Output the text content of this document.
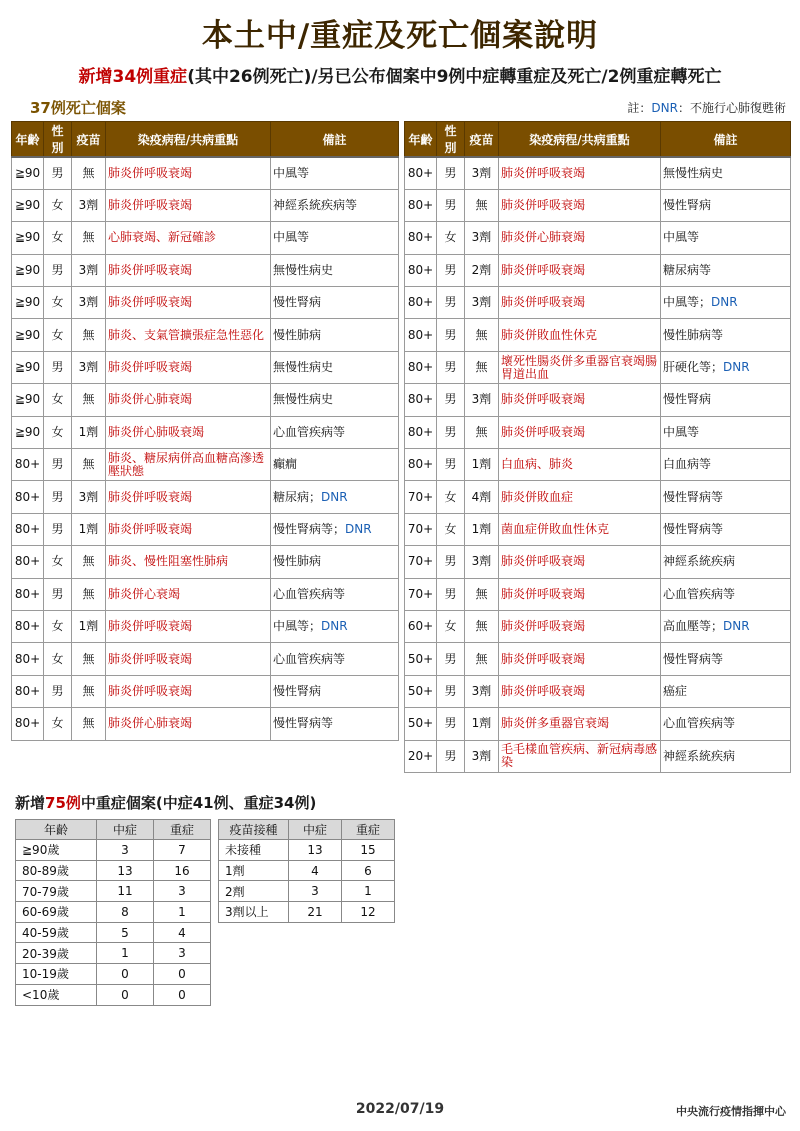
本土中/重症及死亡個案說明
新增34例重症(其中26例死亡)/另已公布個案中9例中症轉重症及死亡/2例重症轉死亡
37例死亡個案	註：DNR：不施行心肺復甦術
年齡	性別	疫苗	染疫病程/共病重點	備註
≧90	男	無	肺炎併呼吸衰竭	中風等
≧90	女	3劑	肺炎併呼吸衰竭	神經系統疾病等
≧90	女	無	心肺衰竭、新冠確診	中風等
≧90	男	3劑	肺炎併呼吸衰竭	無慢性病史
≧90	女	3劑	肺炎併呼吸衰竭	慢性腎病
≧90	女	無	肺炎、支氣管擴張症急性惡化	慢性肺病
≧90	男	3劑	肺炎併呼吸衰竭	無慢性病史
≧90	女	無	肺炎併心肺衰竭	無慢性病史
≧90	女	1劑	肺炎併心肺吸衰竭	心血管疾病等
80+	男	無	肺炎、糖尿病併高血糖高滲透壓狀態	癲癇
80+	男	3劑	肺炎併呼吸衰竭	糖尿病；DNR
80+	男	1劑	肺炎併呼吸衰竭	慢性腎病等；DNR
80+	女	無	肺炎、慢性阻塞性肺病	慢性肺病
80+	男	無	肺炎併心衰竭	心血管疾病等
80+	女	1劑	肺炎併呼吸衰竭	中風等；DNR
80+	女	無	肺炎併呼吸衰竭	心血管疾病等
80+	男	無	肺炎併呼吸衰竭	慢性腎病
80+	女	無	肺炎併心肺衰竭	慢性腎病等
年齡	性別	疫苗	染疫病程/共病重點	備註
80+	男	3劑	肺炎併呼吸衰竭	無慢性病史
80+	男	無	肺炎併呼吸衰竭	慢性腎病
80+	女	3劑	肺炎併心肺衰竭	中風等
80+	男	2劑	肺炎併呼吸衰竭	糖尿病等
80+	男	3劑	肺炎併呼吸衰竭	中風等；DNR
80+	男	無	肺炎併敗血性休克	慢性肺病等
80+	男	無	壞死性腸炎併多重器官衰竭腸胃道出血	肝硬化等；DNR
80+	男	3劑	肺炎併呼吸衰竭	慢性腎病
80+	男	無	肺炎併呼吸衰竭	中風等
80+	男	1劑	白血病、肺炎	白血病等
70+	女	4劑	肺炎併敗血症	慢性腎病等
70+	女	1劑	菌血症併敗血性休克	慢性腎病等
70+	男	3劑	肺炎併呼吸衰竭	神經系統疾病
70+	男	無	肺炎併呼吸衰竭	心血管疾病等
60+	女	無	肺炎併呼吸衰竭	高血壓等；DNR
50+	男	無	肺炎併呼吸衰竭	慢性腎病等
50+	男	3劑	肺炎併呼吸衰竭	癌症
50+	男	1劑	肺炎併多重器官衰竭	心血管疾病等
20+	男	3劑	毛毛樣血管疾病、新冠病毒感染	神經系統疾病
新增75例中重症個案(中症41例、重症34例)
年齡	中症	重症
≧90歲	3	7
80-89歲	13	16
70-79歲	11	3
60-69歲	8	1
40-59歲	5	4
20-39歲	1	3
10-19歲	0	0
<10歲	0	0
疫苗接種	中症	重症
未接種	13	15
1劑	4	6
2劑	3	1
3劑以上	21	12
2022/07/19	中央流行疫情指揮中心
